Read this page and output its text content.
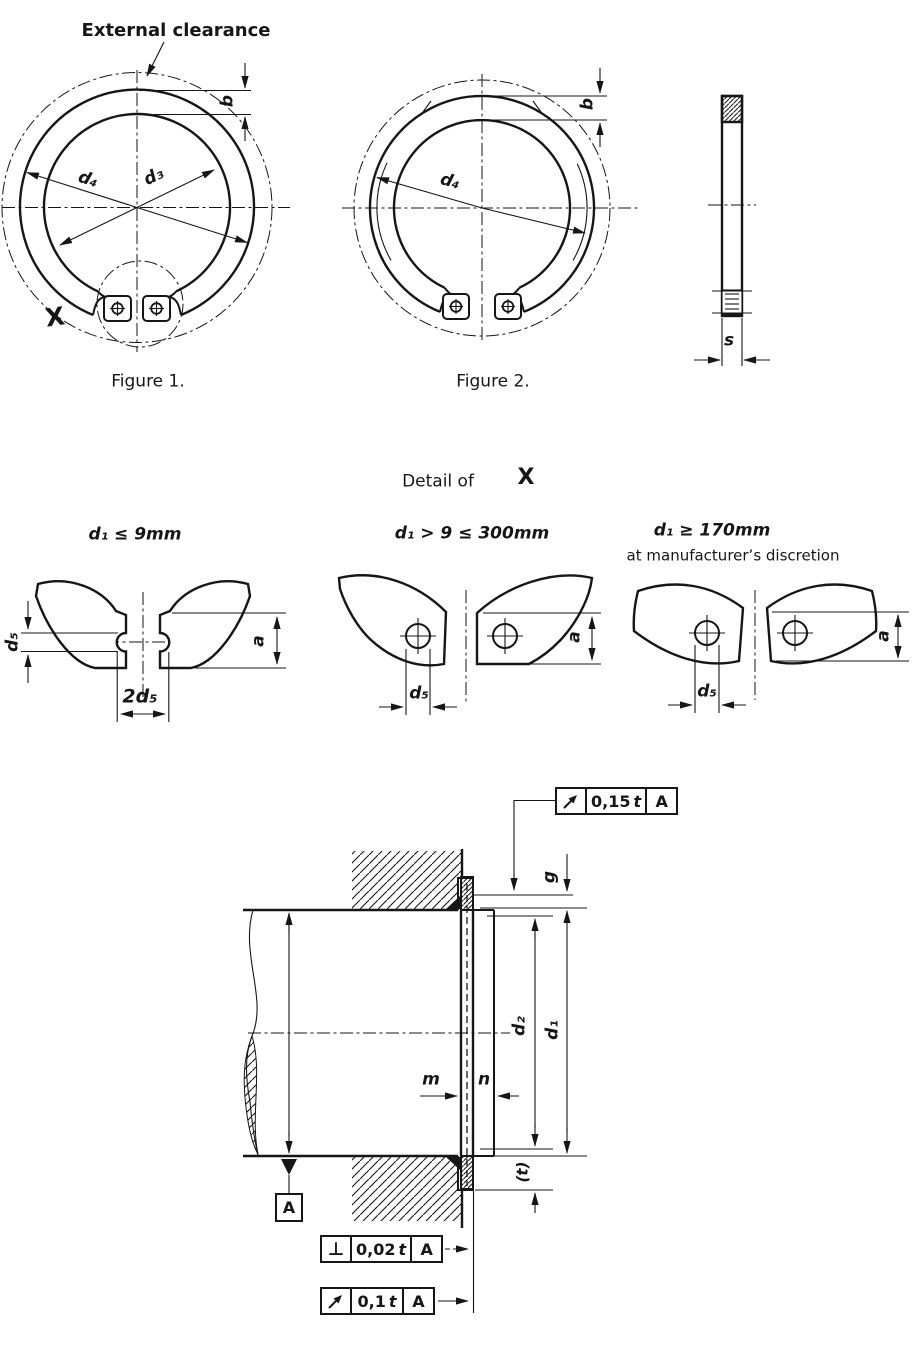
External clearance
b
d₄ d₃
X
Figure 1.
b
d₄
Figure 2.
s
Detail of X
d₁ ≤ 9mm
d₅
2d₅
a
d₁ > 9 ≤ 300mm
d₅
a
d₁ ≥ 170mm
at manufacturer’s discretion
d₅
a
g
d₂ d₁
m n
(t)
A
0,15 t A
⊥ 0,02 t A
0,1 t A
